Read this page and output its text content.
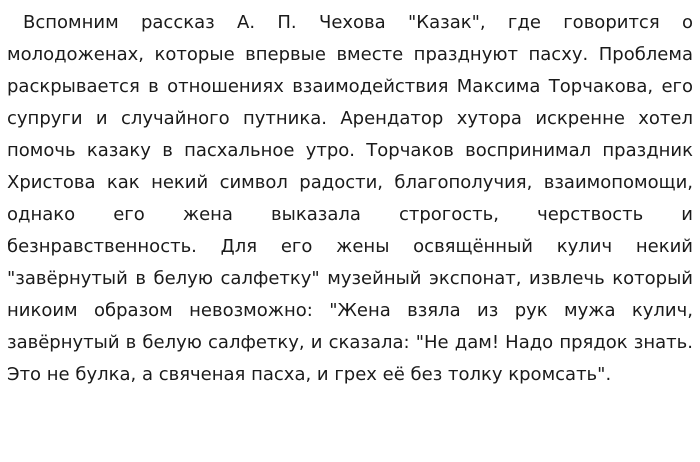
Вспомним рассказ А. П. Чехова "Казак", где говорится о молодоженах, которые впервые вместе празднуют пасху. Проблема раскрывается в отношениях взаимодействия Максима Торчакова, его супруги и случайного путника. Арендатор хутора искренне хотел помочь казаку в пасхальное утро. Торчаков воспринимал праздник Христова как некий символ радости, благополучия, взаимопомощи, однако его жена выказала строгость, черствость и безнравственность. Для его жены освящённый кулич некий "завёрнутый в белую салфетку" музейный экспонат, извлечь который никоим образом невозможно: "Жена взяла из рук мужа кулич, завёрнутый в белую салфетку, и сказала: "Не дам! Надо прядок знать. Это не булка, а свяченая пасха, и грех её без толку кромсать".
